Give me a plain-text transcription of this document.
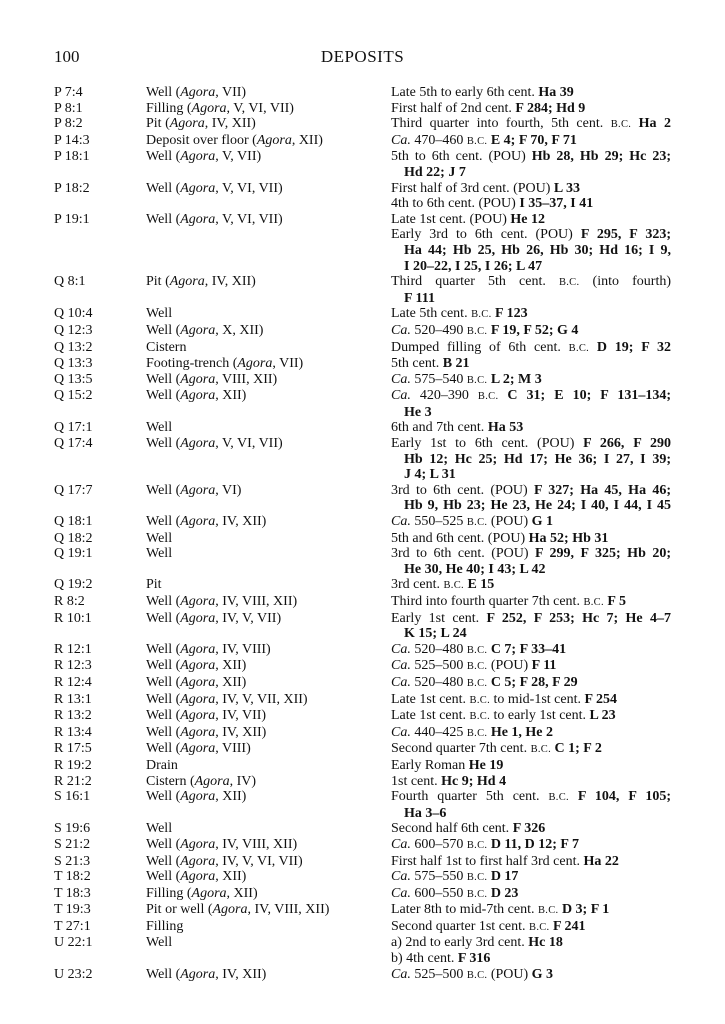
100	DEPOSITS
P 7:4	Well (Agora, VII)	Late 5th to early 6th cent. Ha 39
P 8:1	Filling (Agora, V, VI, VII)	First half of 2nd cent. F 284; Hd 9
P 8:2	Pit (Agora, IV, XII)	Third quarter into fourth, 5th cent. B.C. Ha 2
P 14:3	Deposit over floor (Agora, XII)	Ca. 470–460 B.C. E 4; F 70, F 71
P 18:1	Well (Agora, V, VII)	5th to 6th cent. (POU) Hb 28, Hb 29; Hc 23;
Hd 22; J 7
P 18:2	Well (Agora, V, VI, VII)	First half of 3rd cent. (POU) L 33
4th to 6th cent. (POU) I 35–37, I 41
P 19:1	Well (Agora, V, VI, VII)	Late 1st cent. (POU) He 12
Early 3rd to 6th cent. (POU) F 295, F 323;
Ha 44; Hb 25, Hb 26, Hb 30; Hd 16; I 9,
I 20–22, I 25, I 26; L 47
Q 8:1	Pit (Agora, IV, XII)	Third quarter 5th cent. B.C. (into fourth)
F 111
Q 10:4	Well	Late 5th cent. B.C. F 123
Q 12:3	Well (Agora, X, XII)	Ca. 520–490 B.C. F 19, F 52; G 4
Q 13:2	Cistern	Dumped filling of 6th cent. B.C. D 19; F 32
Q 13:3	Footing-trench (Agora, VII)	5th cent. B 21
Q 13:5	Well (Agora, VIII, XII)	Ca. 575–540 B.C. L 2; M 3
Q 15:2	Well (Agora, XII)	Ca. 420–390 B.C. C 31; E 10; F 131–134;
He 3
Q 17:1	Well	6th and 7th cent. Ha 53
Q 17:4	Well (Agora, V, VI, VII)	Early 1st to 6th cent. (POU) F 266, F 290
Hb 12; Hc 25; Hd 17; He 36; I 27, I 39;
J 4; L 31
Q 17:7	Well (Agora, VI)	3rd to 6th cent. (POU) F 327; Ha 45, Ha 46;
Hb 9, Hb 23; He 23, He 24; I 40, I 44, I 45
Q 18:1	Well (Agora, IV, XII)	Ca. 550–525 B.C. (POU) G 1
Q 18:2	Well	5th and 6th cent. (POU) Ha 52; Hb 31
Q 19:1	Well	3rd to 6th cent. (POU) F 299, F 325; Hb 20;
He 30, He 40; I 43; L 42
Q 19:2	Pit	3rd cent. B.C. E 15
R 8:2	Well (Agora, IV, VIII, XII)	Third into fourth quarter 7th cent. B.C. F 5
R 10:1	Well (Agora, IV, V, VII)	Early 1st cent. F 252, F 253; Hc 7; He 4–7
K 15; L 24
R 12:1	Well (Agora, IV, VIII)	Ca. 520–480 B.C. C 7; F 33–41
R 12:3	Well (Agora, XII)	Ca. 525–500 B.C. (POU) F 11
R 12:4	Well (Agora, XII)	Ca. 520–480 B.C. C 5; F 28, F 29
R 13:1	Well (Agora, IV, V, VII, XII)	Late 1st cent. B.C. to mid-1st cent. F 254
R 13:2	Well (Agora, IV, VII)	Late 1st cent. B.C. to early 1st cent. L 23
R 13:4	Well (Agora, IV, XII)	Ca. 440–425 B.C. He 1, He 2
R 17:5	Well (Agora, VIII)	Second quarter 7th cent. B.C. C 1; F 2
R 19:2	Drain	Early Roman He 19
R 21:2	Cistern (Agora, IV)	1st cent. Hc 9; Hd 4
S 16:1	Well (Agora, XII)	Fourth quarter 5th cent. B.C. F 104, F 105;
Ha 3–6
S 19:6	Well	Second half 6th cent. F 326
S 21:2	Well (Agora, IV, VIII, XII)	Ca. 600–570 B.C. D 11, D 12; F 7
S 21:3	Well (Agora, IV, V, VI, VII)	First half 1st to first half 3rd cent. Ha 22
T 18:2	Well (Agora, XII)	Ca. 575–550 B.C. D 17
T 18:3	Filling (Agora, XII)	Ca. 600–550 B.C. D 23
T 19:3	Pit or well (Agora, IV, VIII, XII)	Later 8th to mid-7th cent. B.C. D 3; F 1
T 27:1	Filling	Second quarter 1st cent. B.C. F 241
U 22:1	Well	a) 2nd to early 3rd cent. Hc 18
b) 4th cent. F 316
U 23:2	Well (Agora, IV, XII)	Ca. 525–500 B.C. (POU) G 3
